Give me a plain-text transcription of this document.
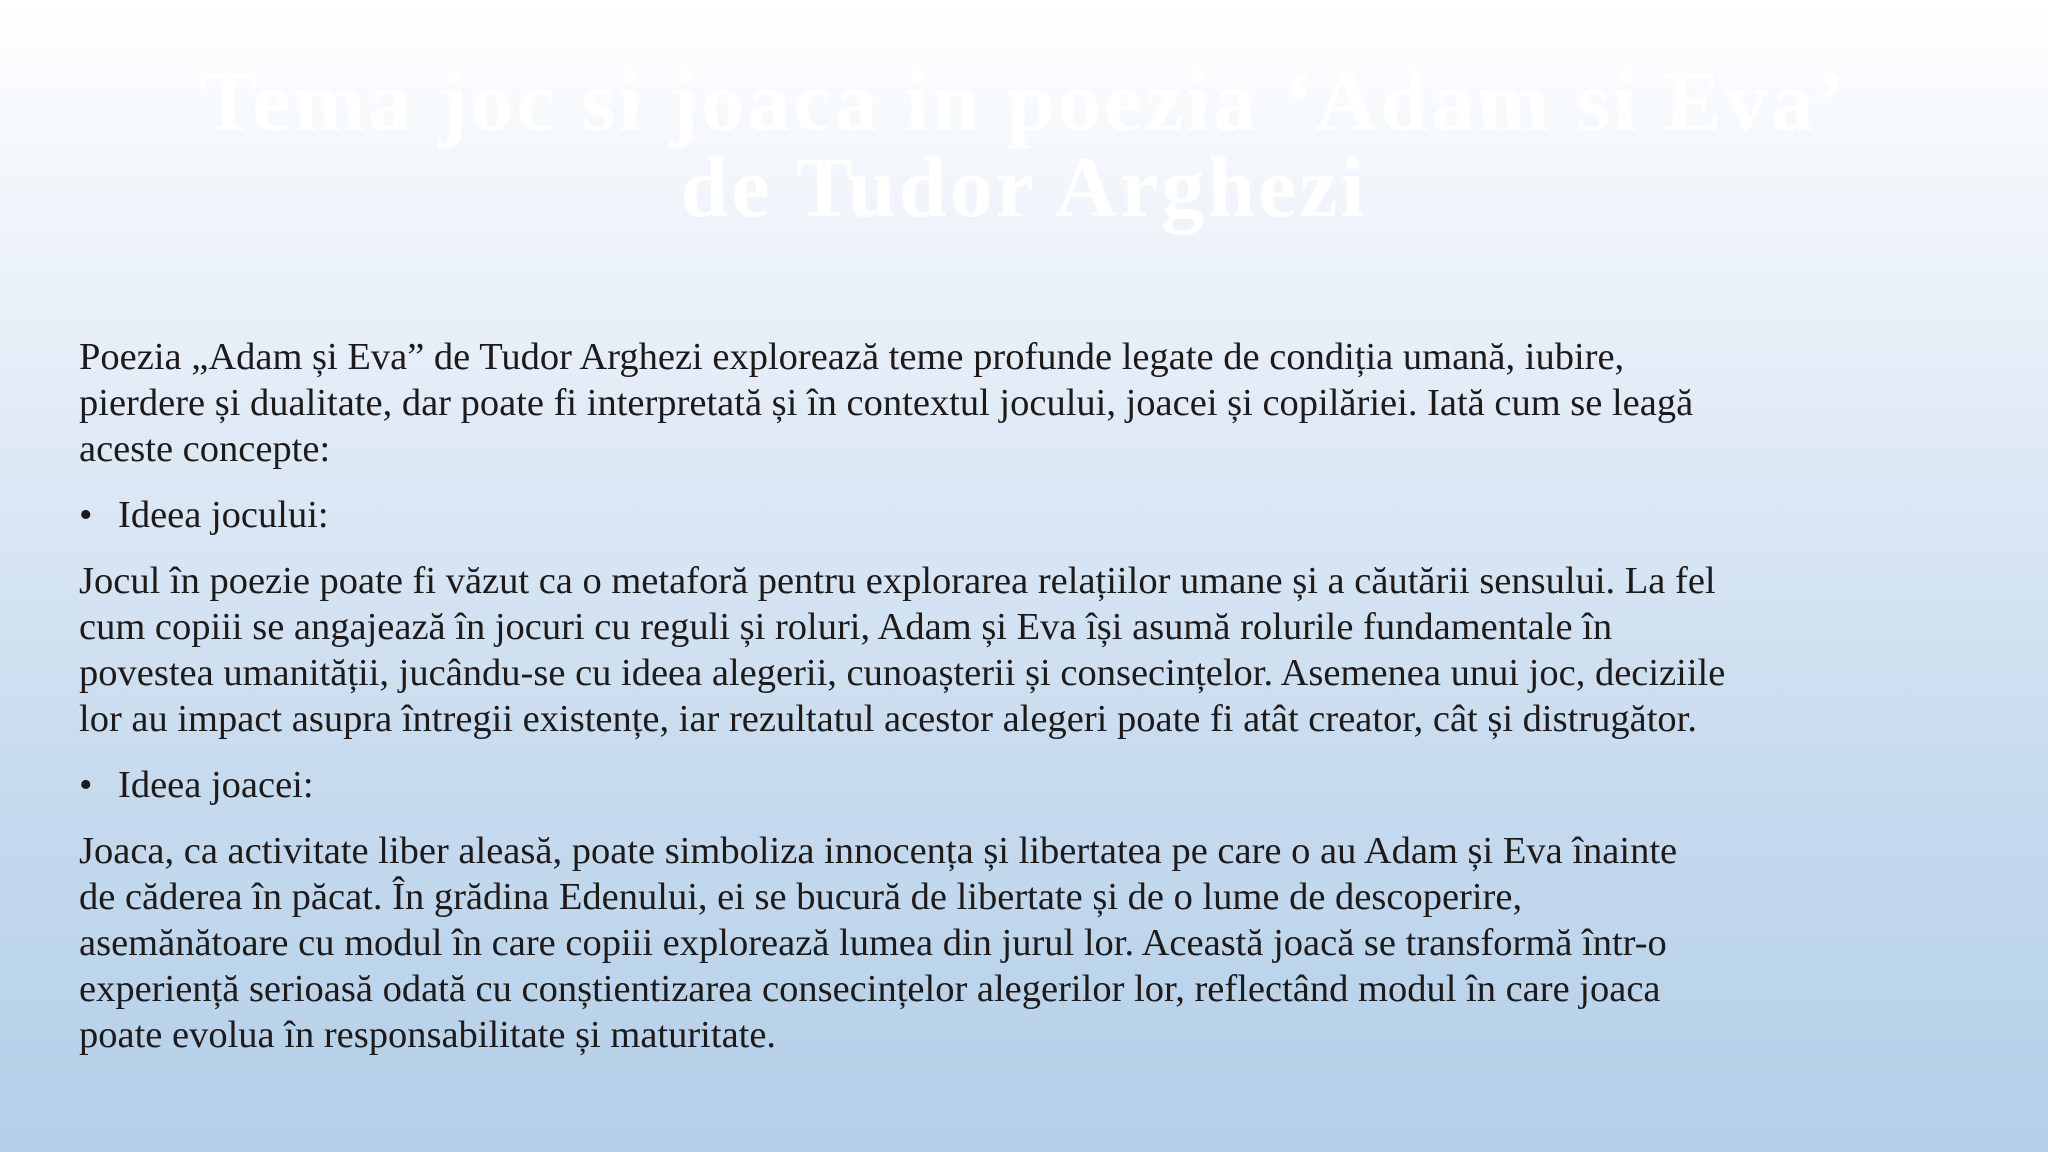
Tema joc si joaca in poezia ‘Adam si Eva’
de Tudor Arghezi

Poezia „Adam și Eva” de Tudor Arghezi explorează teme profunde legate de condiția umană, iubire,
pierdere și dualitate, dar poate fi interpretată și în contextul jocului, joacei și copilăriei. Iată cum se leagă
aceste concepte:

• Ideea jocului:

Jocul în poezie poate fi văzut ca o metaforă pentru explorarea relațiilor umane și a căutării sensului. La fel
cum copiii se angajează în jocuri cu reguli și roluri, Adam și Eva își asumă rolurile fundamentale în
povestea umanității, jucându-se cu ideea alegerii, cunoașterii și consecințelor. Asemenea unui joc, deciziile
lor au impact asupra întregii existențe, iar rezultatul acestor alegeri poate fi atât creator, cât și distrugător.

• Ideea joacei:

Joaca, ca activitate liber aleasă, poate simboliza innocența și libertatea pe care o au Adam și Eva înainte
de căderea în păcat. În grădina Edenului, ei se bucură de libertate și de o lume de descoperire,
asemănătoare cu modul în care copiii explorează lumea din jurul lor. Această joacă se transformă într-o
experiență serioasă odată cu conștientizarea consecințelor alegerilor lor, reflectând modul în care joaca
poate evolua în responsabilitate și maturitate.
